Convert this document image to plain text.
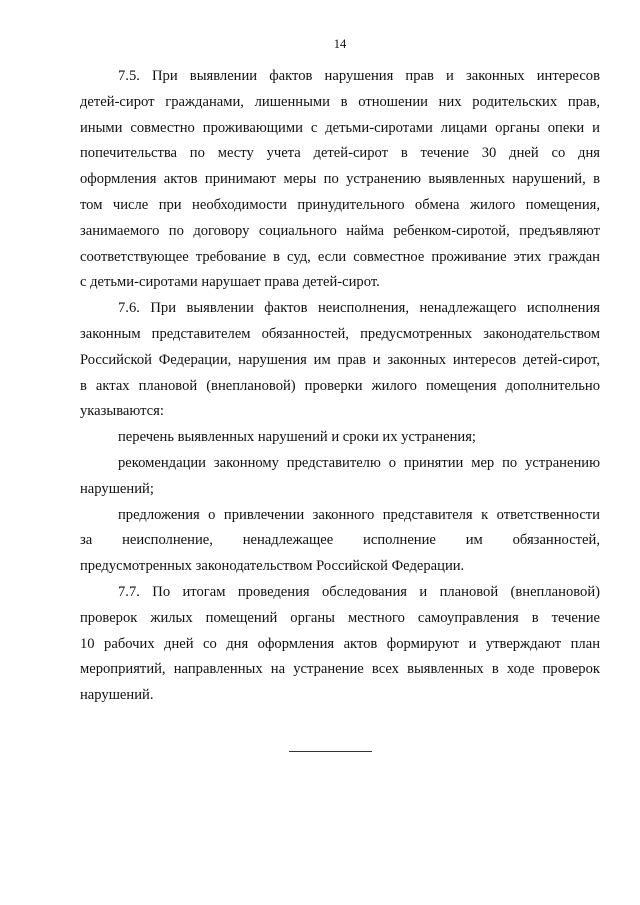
14
7.5. При выявлении фактов нарушения прав и законных интересов
детей-сирот гражданами, лишенными в отношении них родительских прав,
иными совместно проживающими с детьми-сиротами лицами органы опеки и
попечительства по месту учета детей-сирот в течение 30 дней со дня
оформления актов принимают меры по устранению выявленных нарушений, в
том числе при необходимости принудительного обмена жилого помещения,
занимаемого по договору социального найма ребенком-сиротой, предъявляют
соответствующее требование в суд, если совместное проживание этих граждан
с детьми-сиротами нарушает права детей-сирот.
7.6. При выявлении фактов неисполнения, ненадлежащего исполнения
законным представителем обязанностей, предусмотренных законодательством
Российской Федерации, нарушения им прав и законных интересов детей-сирот,
в актах плановой (внеплановой) проверки жилого помещения дополнительно
указываются:
перечень выявленных нарушений и сроки их устранения;
рекомендации законному представителю о принятии мер по устранению
нарушений;
предложения о привлечении законного представителя к ответственности
за неисполнение, ненадлежащее исполнение им обязанностей,
предусмотренных законодательством Российской Федерации.
7.7. По итогам проведения обследования и плановой (внеплановой)
проверок жилых помещений органы местного самоуправления в течение
10 рабочих дней со дня оформления актов формируют и утверждают план
мероприятий, направленных на устранение всех выявленных в ходе проверок
нарушений.
